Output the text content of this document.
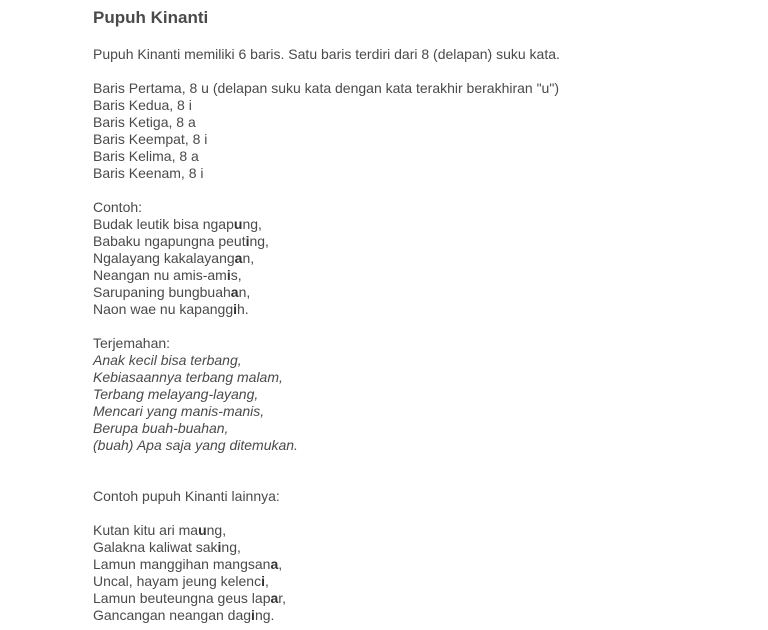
Pupuh Kinanti

Pupuh Kinanti memiliki 6 baris. Satu baris terdiri dari 8 (delapan) suku kata.

Baris Pertama, 8 u (delapan suku kata dengan kata terakhir berakhiran "u")

Baris Kedua, 8 i

Baris Ketiga, 8 a

Baris Keempat, 8 i

Baris Kelima, 8 a

Baris Keenam, 8 i

Contoh:

Budak leutik bisa ngapung,

Babaku ngapungna peuting,

Ngalayang kakalayangan,

Neangan nu amis-amis,

Sarupaning bungbuahan,

Naon wae nu kapanggih.

Terjemahan:

Anak kecil bisa terbang,

Kebiasaannya terbang malam,

Terbang melayang-layang,

Mencari yang manis-manis,

Berupa buah-buahan,

(buah) Apa saja yang ditemukan.

Contoh pupuh Kinanti lainnya:

Kutan kitu ari maung,

Galakna kaliwat saking,

Lamun manggihan mangsana,

Uncal, hayam jeung kelenci,

Lamun beuteungna geus lapar,

Gancangan neangan daging.
